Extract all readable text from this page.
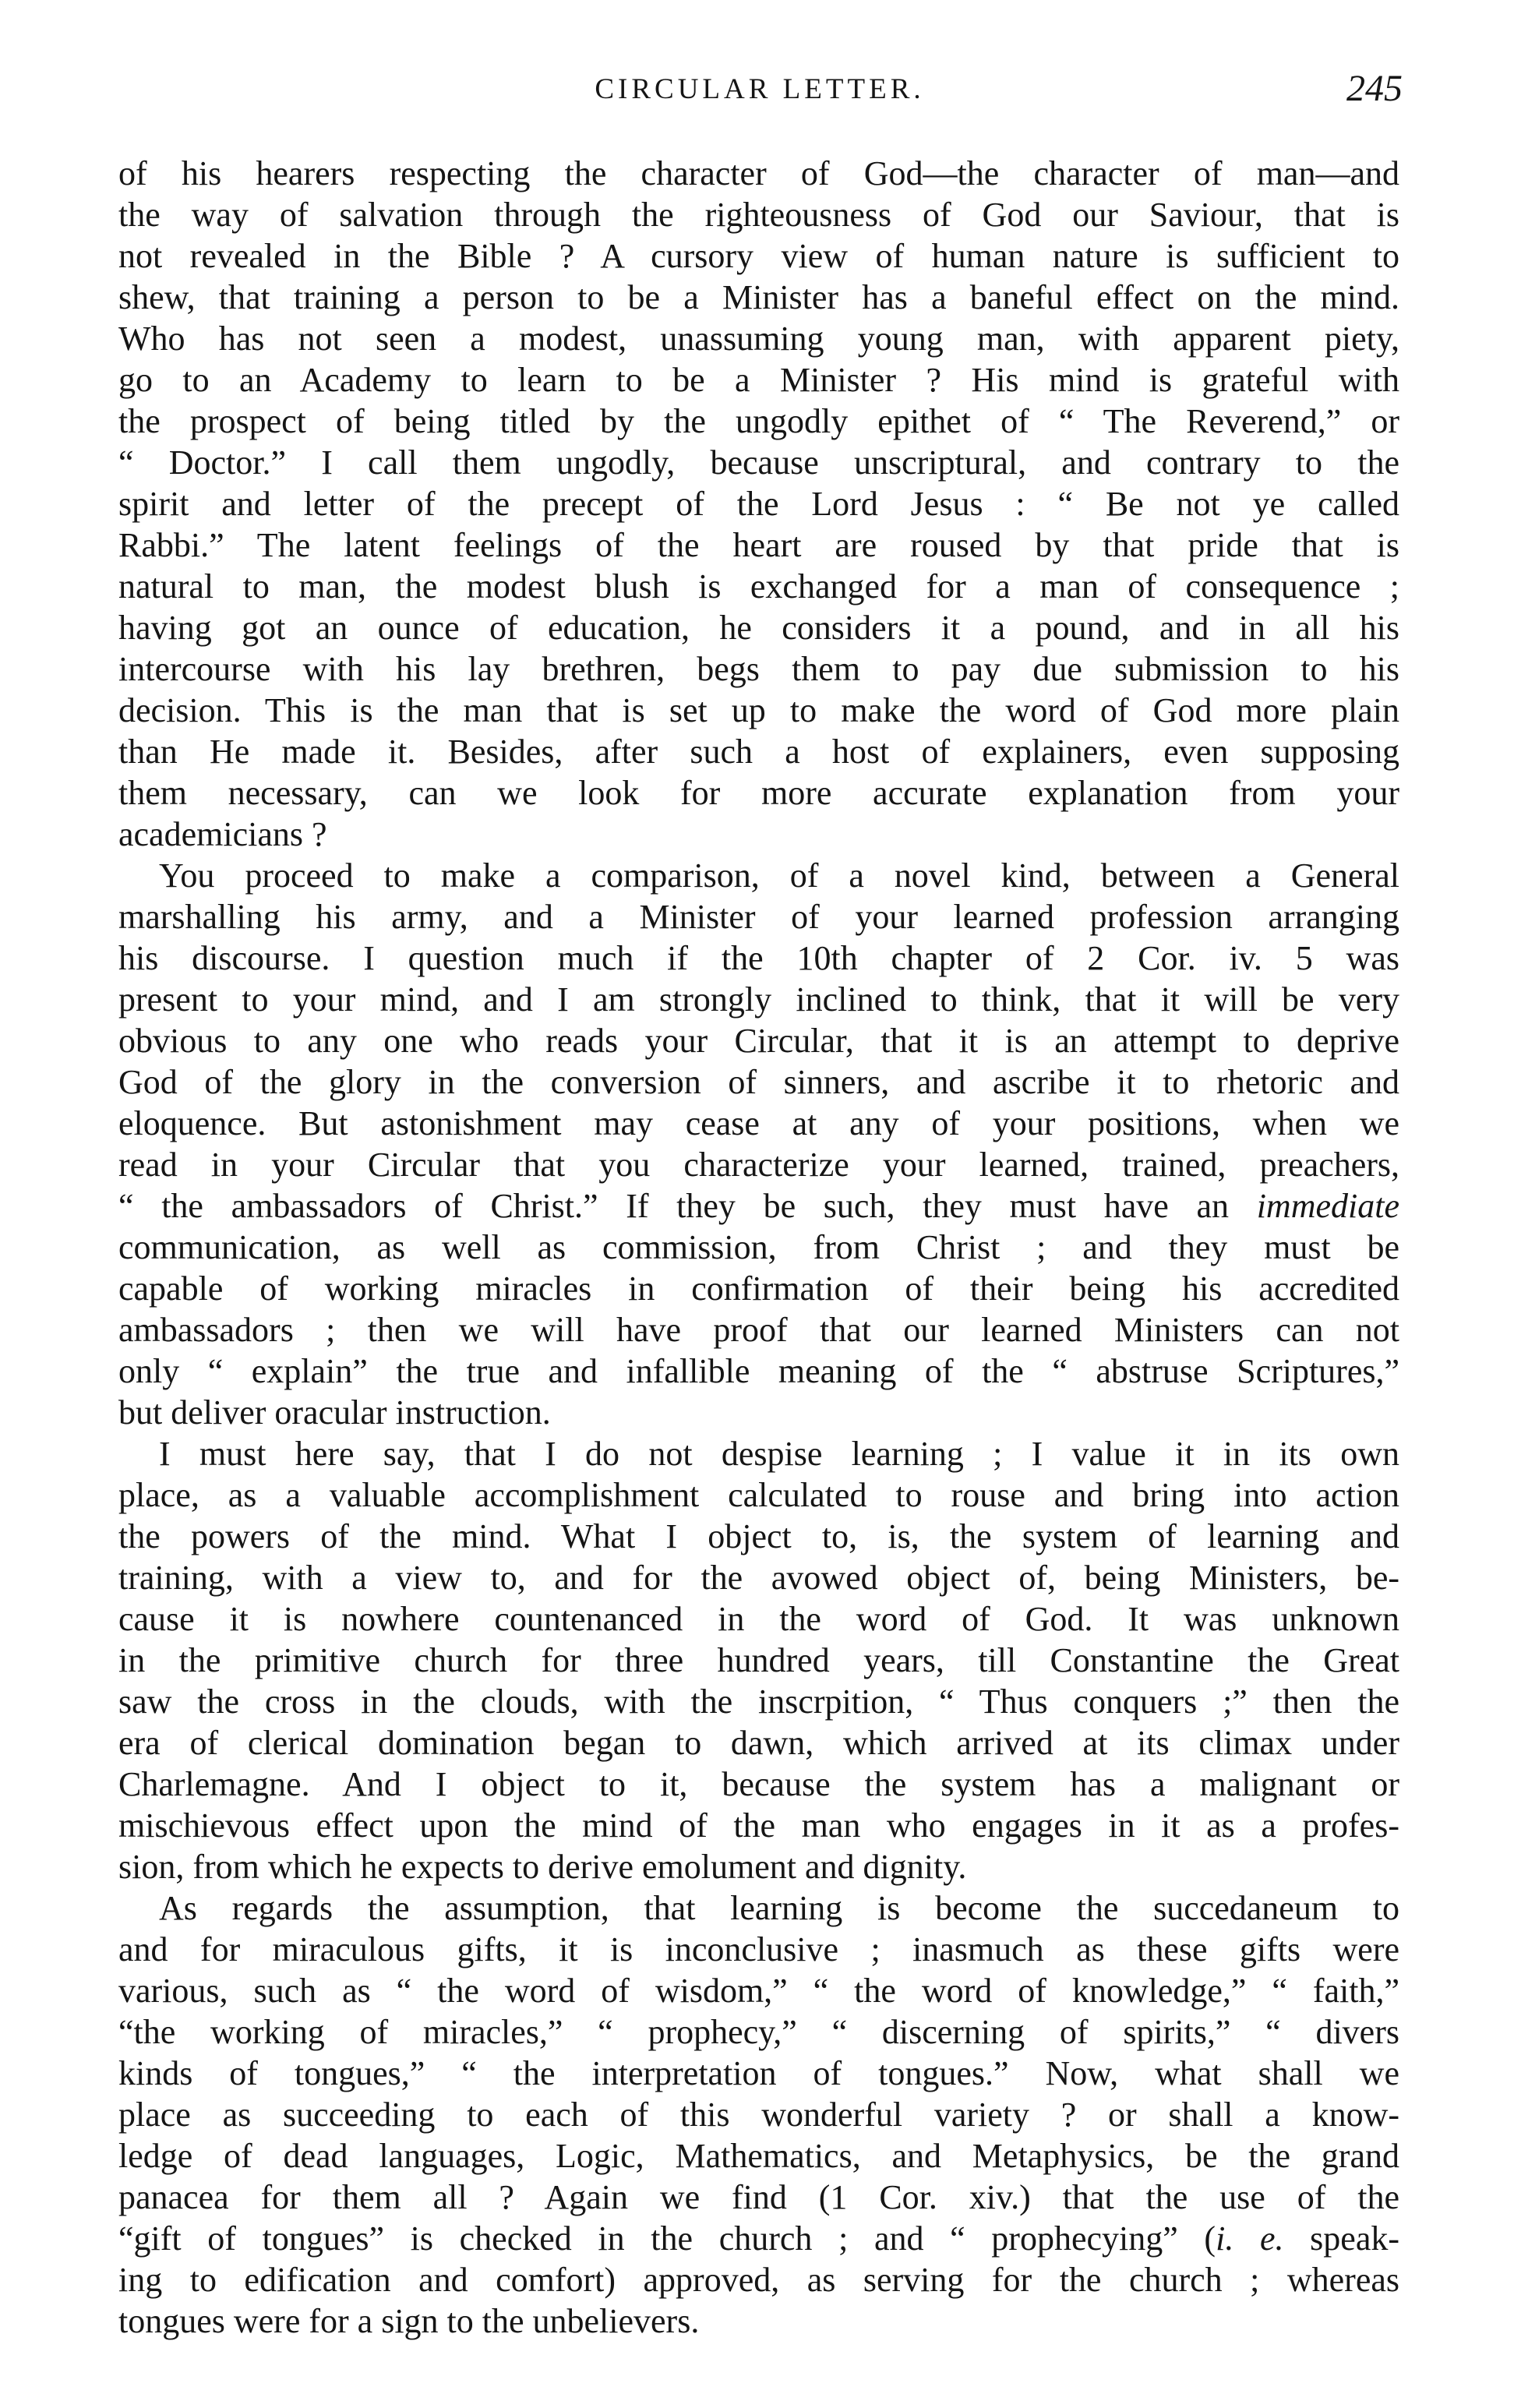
CIRCULAR LETTER.	245
of his hearers respecting the character of God—the character of man—and
the way of salvation through the righteousness of God our Saviour, that is
not revealed in the Bible ? A cursory view of human nature is sufficient to
shew, that training a person to be a Minister has a baneful effect on the mind.
Who has not seen a modest, unassuming young man, with apparent piety,
go to an Academy to learn to be a Minister ? His mind is grateful with
the prospect of being titled by the ungodly epithet of “ The Reverend,” or
“ Doctor.” I call them ungodly, because unscriptural, and contrary to the
spirit and letter of the precept of the Lord Jesus : “ Be not ye called
Rabbi.” The latent feelings of the heart are roused by that pride that is
natural to man, the modest blush is exchanged for a man of consequence ;
having got an ounce of education, he considers it a pound, and in all his
intercourse with his lay brethren, begs them to pay due submission to his
decision. This is the man that is set up to make the word of God more plain
than He made it. Besides, after such a host of explainers, even supposing
them necessary, can we look for more accurate explanation from your
academicians ?
You proceed to make a comparison, of a novel kind, between a General
marshalling his army, and a Minister of your learned profession arranging
his discourse. I question much if the 10th chapter of 2 Cor. iv. 5 was
present to your mind, and I am strongly inclined to think, that it will be very
obvious to any one who reads your Circular, that it is an attempt to deprive
God of the glory in the conversion of sinners, and ascribe it to rhetoric and
eloquence. But astonishment may cease at any of your positions, when we
read in your Circular that you characterize your learned, trained, preachers,
“ the ambassadors of Christ.” If they be such, they must have an immediate
communication, as well as commission, from Christ ; and they must be
capable of working miracles in confirmation of their being his accredited
ambassadors ; then we will have proof that our learned Ministers can not
only “ explain” the true and infallible meaning of the “ abstruse Scriptures,”
but deliver oracular instruction.
I must here say, that I do not despise learning ; I value it in its own
place, as a valuable accomplishment calculated to rouse and bring into action
the powers of the mind. What I object to, is, the system of learning and
training, with a view to, and for the avowed object of, being Ministers, be-
cause it is nowhere countenanced in the word of God. It was unknown
in the primitive church for three hundred years, till Constantine the Great
saw the cross in the clouds, with the inscrpition, “ Thus conquers ;” then the
era of clerical domination began to dawn, which arrived at its climax under
Charlemagne. And I object to it, because the system has a malignant or
mischievous effect upon the mind of the man who engages in it as a profes-
sion, from which he expects to derive emolument and dignity.
As regards the assumption, that learning is become the succedaneum to
and for miraculous gifts, it is inconclusive ; inasmuch as these gifts were
various, such as “ the word of wisdom,” “ the word of knowledge,” “ faith,”
“the working of miracles,” “ prophecy,” “ discerning of spirits,” “ divers
kinds of tongues,” “ the interpretation of tongues.” Now, what shall we
place as succeeding to each of this wonderful variety ? or shall a know-
ledge of dead languages, Logic, Mathematics, and Metaphysics, be the grand
panacea for them all ? Again we find (1 Cor. xiv.) that the use of the
“gift of tongues” is checked in the church ; and “ prophecying” (i. e. speak-
ing to edification and comfort) approved, as serving for the church ; whereas
tongues were for a sign to the unbelievers.
